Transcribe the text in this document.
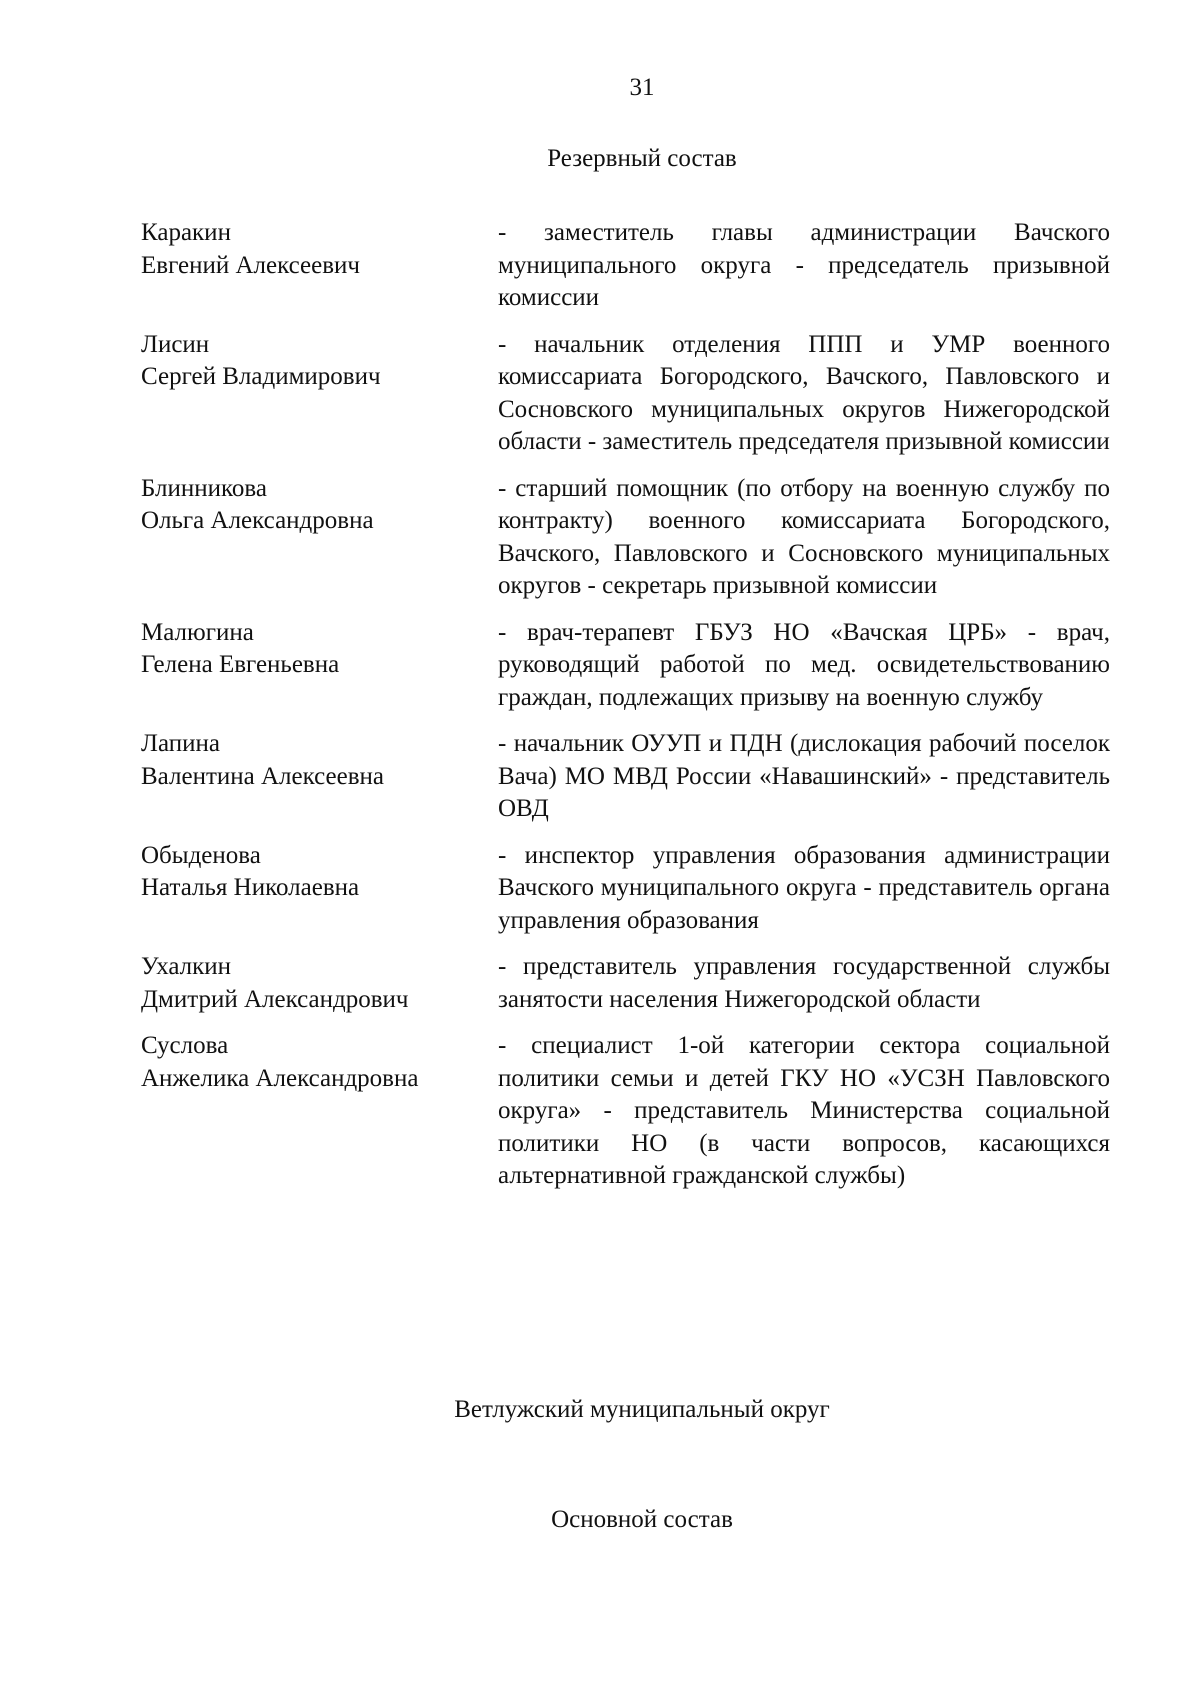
31
Резервный состав
Каракин
Евгений Алексеевич
- заместитель главы администрации Вачского муниципального округа - председатель призывной комиссии
Лисин
Сергей Владимирович
- начальник отделения ППП и УМР военного комиссариата Богородского, Вачского, Павловского и Сосновского муниципальных округов Нижегородской области - заместитель председателя призывной комиссии
Блинникова
Ольга Александровна
- старший помощник (по отбору на военную службу по контракту) военного комиссариата Богородского, Вачского, Павловского и Сосновского муниципальных округов - секретарь призывной комиссии
Малюгина
Гелена Евгеньевна
- врач-терапевт ГБУЗ НО «Вачская ЦРБ» - врач, руководящий работой по мед. освидетельствованию граждан, подлежащих призыву на военную службу
Лапина
Валентина Алексеевна
- начальник ОУУП и ПДН (дислокация рабочий поселок Вача) МО МВД России «Навашинский» - представитель ОВД
Обыденова
Наталья Николаевна
- инспектор управления образования администрации Вачского муниципального округа - представитель органа управления образования
Ухалкин
Дмитрий Александрович
- представитель управления государственной службы занятости населения Нижегородской области
Суслова
Анжелика Александровна
- специалист 1-ой категории сектора социальной политики семьи и детей ГКУ НО «УСЗН Павловского округа» - представитель Министерства социальной политики НО (в части вопросов, касающихся альтернативной гражданской службы)
Ветлужский муниципальный округ
Основной состав
